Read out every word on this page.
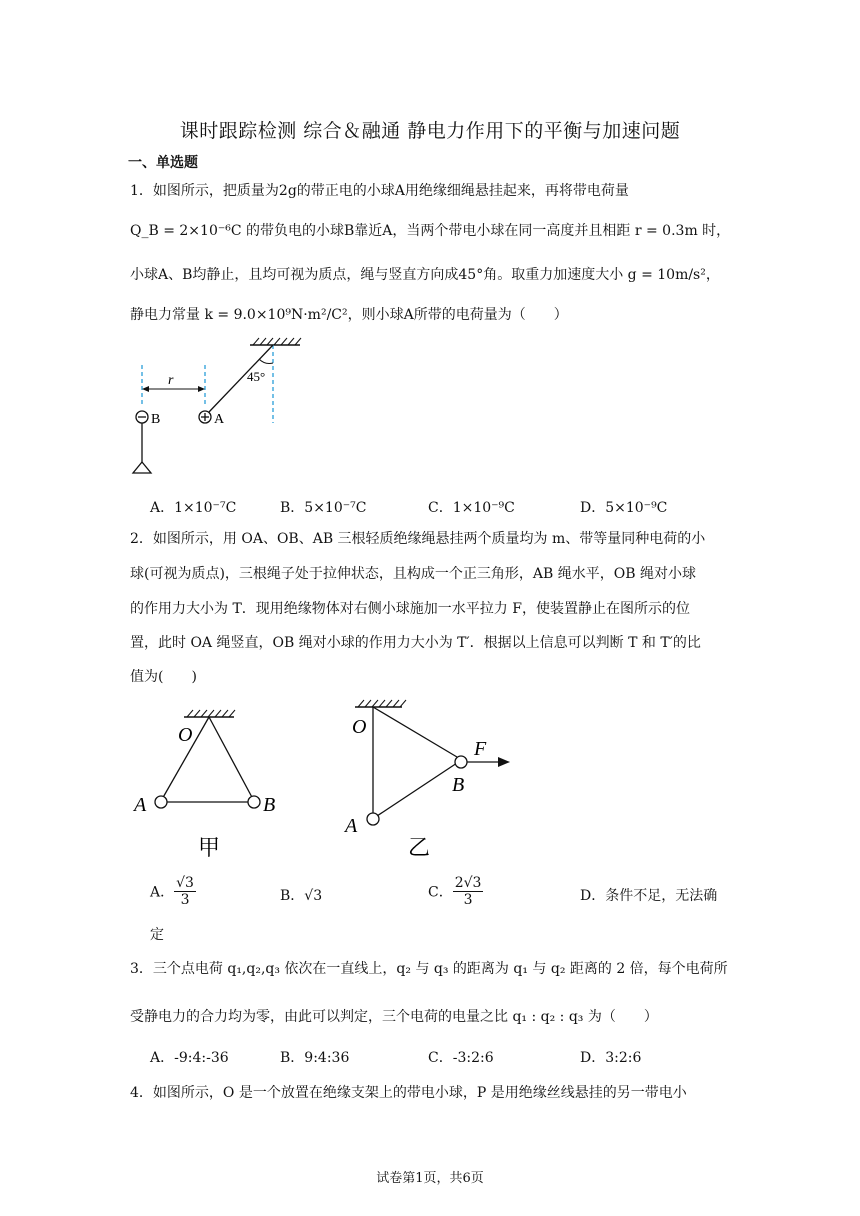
课时跟踪检测 综合＆融通 静电力作用下的平衡与加速问题
一、单选题
1．如图所示，把质量为2g的带正电的小球A用绝缘细绳悬挂起来，再将带电荷量
Q_B = 2×10⁻⁶C 的带负电的小球B靠近A，当两个带电小球在同一高度并且相距 r = 0.3m 时，
小球A、B均静止，且均可视为质点，绳与竖直方向成45°角。取重力加速度大小 g = 10m/s²，
静电力常量 k = 9.0×10⁹N·m²/C²，则小球A所带的电荷量为（　　）
r	45°
B	A
A．1×10⁻⁷C	B．5×10⁻⁷C	C．1×10⁻⁹C	D．5×10⁻⁹C
2．如图所示，用 OA、OB、AB 三根轻质绝缘绳悬挂两个质量均为 m、带等量同种电荷的小
球(可视为质点)，三根绳子处于拉伸状态，且构成一个正三角形，AB 绳水平，OB 绳对小球
的作用力大小为 T．现用绝缘物体对右侧小球施加一水平拉力 F，使装置静止在图所示的位
置，此时 OA 绳竖直，OB 绳对小球的作用力大小为 T′．根据以上信息可以判断 T 和 T′的比
值为(　　)
O
A	B
甲
O
F
B
A
乙
A． $\frac{√3}{3}$	B．√3	C． $\frac{2√3}{3}$	D．条件不足，无法确
定
3．三个点电荷 q₁,q₂,q₃ 依次在一直线上，q₂ 与 q₃ 的距离为 q₁ 与 q₂ 距离的 2 倍，每个电荷所
受静电力的合力均为零，由此可以判定，三个电荷的电量之比 q₁ : q₂ : q₃ 为（　　）
A．-9:4:-36	B．9:4:36	C．-3:2:6	D．3:2:6
4．如图所示，O 是一个放置在绝缘支架上的带电小球，P 是用绝缘丝线悬挂的另一带电小
试卷第1页，共6页
